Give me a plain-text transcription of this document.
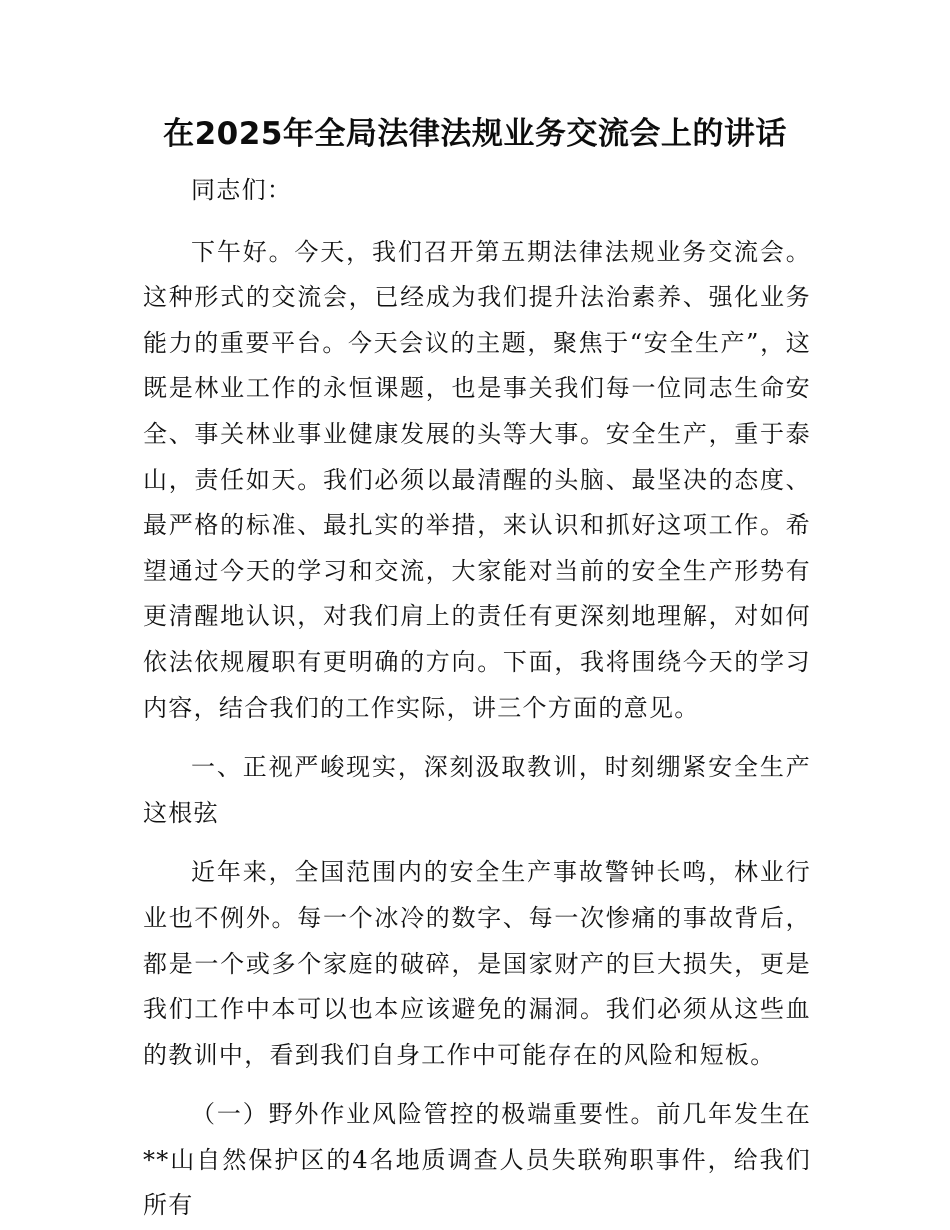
在2025年全局法律法规业务交流会上的讲话

同志们：

下午好。今天，我们召开第五期法律法规业务交流会。这种形式的交流会，已经成为我们提升法治素养、强化业务能力的重要平台。今天会议的主题，聚焦于“安全生产”，这既是林业工作的永恒课题，也是事关我们每一位同志生命安全、事关林业事业健康发展的头等大事。安全生产，重于泰山，责任如天。我们必须以最清醒的头脑、最坚决的态度、最严格的标准、最扎实的举措，来认识和抓好这项工作。希望通过今天的学习和交流，大家能对当前的安全生产形势有更清醒地认识，对我们肩上的责任有更深刻地理解，对如何依法依规履职有更明确的方向。下面，我将围绕今天的学习内容，结合我们的工作实际，讲三个方面的意见。

一、正视严峻现实，深刻汲取教训，时刻绷紧安全生产这根弦

近年来，全国范围内的安全生产事故警钟长鸣，林业行业也不例外。每一个冰冷的数字、每一次惨痛的事故背后，都是一个或多个家庭的破碎，是国家财产的巨大损失，更是我们工作中本可以也本应该避免的漏洞。我们必须从这些血的教训中，看到我们自身工作中可能存在的风险和短板。

（一）野外作业风险管控的极端重要性。前几年发生在**山自然保护区的4名地质调查人员失联殉职事件，给我们所有
